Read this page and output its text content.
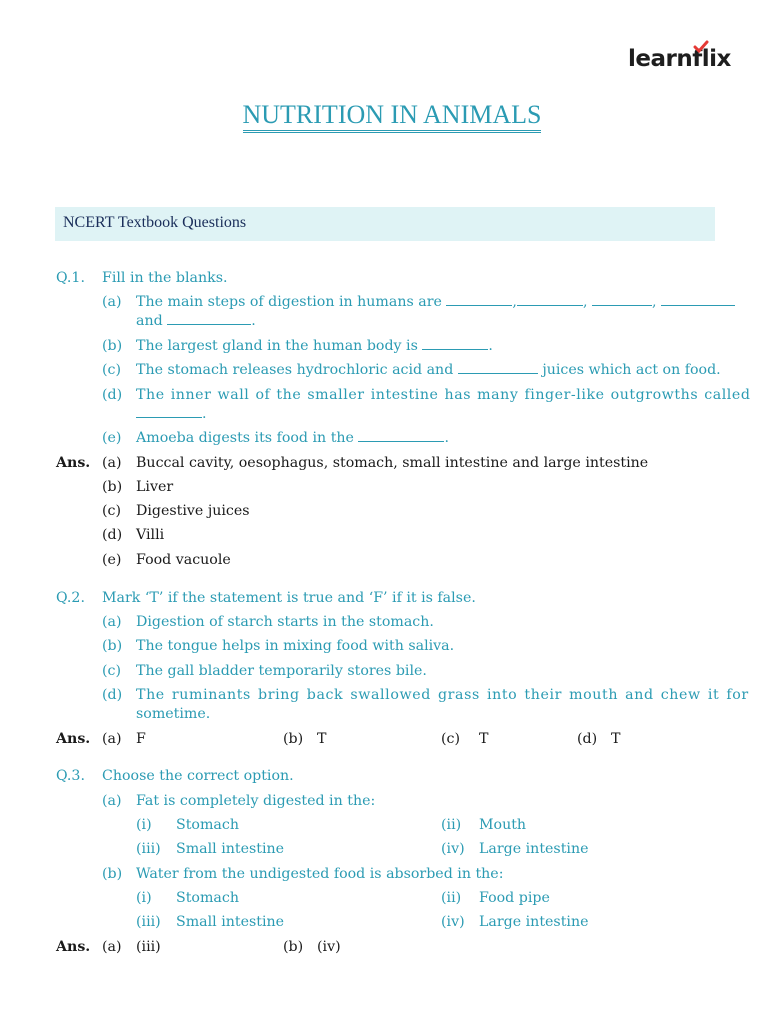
learnflix
NUTRITION IN ANIMALS
NCERT Textbook Questions
Q.1. Fill in the blanks.
(a) The main steps of digestion in humans are	,	,	,
and	.
(b) The largest gland in the human body is	.
(c) The stomach releases hydrochloric acid and	juices which act on food.
(d) The inner wall of the smaller intestine has many finger-like outgrowths called
.
(e) Amoeba digests its food in the	.
Ans. (a) Buccal cavity, oesophagus, stomach, small intestine and large intestine
(b) Liver
(c) Digestive juices
(d) Villi
(e) Food vacuole
Q.2. Mark ‘T’ if the statement is true and ‘F’ if it is false.
(a) Digestion of starch starts in the stomach.
(b) The tongue helps in mixing food with saliva.
(c) The gall bladder temporarily stores bile.
(d) The ruminants bring back swallowed grass into their mouth and chew it for
sometime.
Ans. (a) F	(b) T	(c) T	(d) T
Q.3. Choose the correct option.
(a) Fat is completely digested in the:
(i) Stomach	(ii) Mouth
(iii) Small intestine	(iv) Large intestine
(b) Water from the undigested food is absorbed in the:
(i) Stomach	(ii) Food pipe
(iii) Small intestine	(iv) Large intestine
Ans. (a) (iii)	(b) (iv)
